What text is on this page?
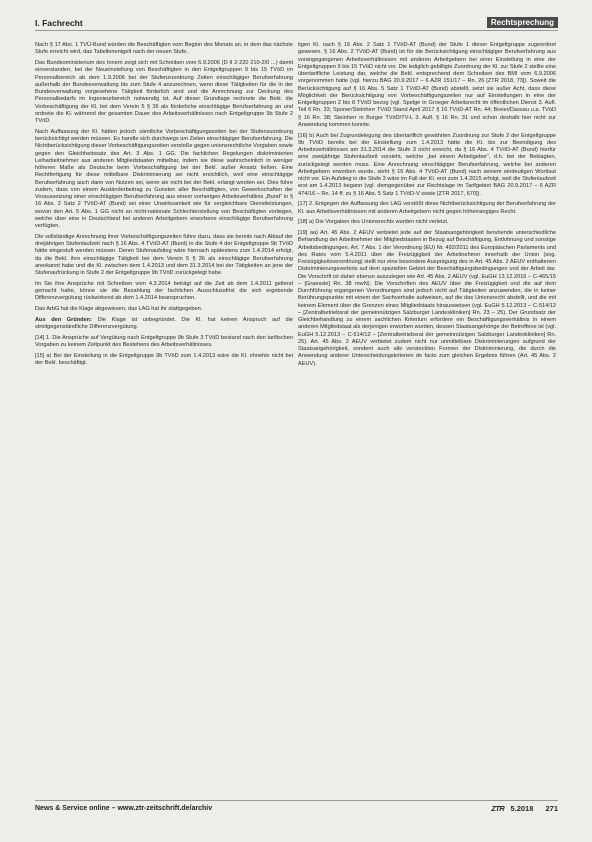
I. Fachrecht	Rechtsprechung

Nach § 17 Abs. 1 TVÜ-Bund würden die Beschäftigten vom Beginn des Monats an, in dem das nächste Stufe erreicht wird, das Tabellenentgelt nach der neuen Stufe.

Das Bundesministerium des Innern zeigt sich mit Schreiben vom 6.9.2006 (D II 2-220 210-2/0 ...) damit einverstanden, bei der Neueinstellung von Beschäftigten in den Entgeltgruppen 9 bis 15 TVöD im Personalbereich ab dem 1.9.2006 bei der Stufenzuordnung Zeiten einschlägiger Berufserfahrung außerhalb der Bundesverwaltung bis zum Stufe 4 anzurechnen, wenn diese Tätigkeiten für die in der Bundesverwaltung vorgesehene Tätigkeit förderlich sind und die Anrechnung zur Deckung des Personalbedarfs im Ingenieurbereich notwendig ist. Auf dieser Grundlage rechnete die Bekl. die Vorbeschäftigung der Kl. bei dem Verein 5 § 36 als förderliche einschlägige Berufserfahrung an und ordnete die Kl. während der gesamten Dauer des Arbeitsverhältnisses nach Entgeltgruppe 9b Stufe 2 TVöD.

Nach Auffassung der Kl. hätten jedoch sämtliche Vorbeschäftigungszeiten bei der Stufenzuordnung berücksichtigt werden müssen. Es handle sich durchwegs um Zeiten einschlägiger Berufserfahrung. Die Nichtberücksichtigung dieser Vorbeschäftigungszeiten verstoße gegen unionsrechtliche Vorgaben sowie gegen den Gleichheitssatz des Art. 3 Abs. 1 GG. Die fachlichen Regelungen diskriminierten Leiharbeitnehmer aus anderen Mitgliedstaaten mittelbar, indem sie diese wahrscheinlich in weniger höheren Maße als Deutsche beim Vorbeschäftigung bei der Bekl. außer Ansatz ließen. Eine Rechtfertigung für diese mittelbare Diskriminierung sei nicht ersichtlich, weil eine einschlägige Berufserfahrung auch dann von Nutzen sei, wenn sie nicht bei der Bekl. erlangt worden sei. Dies führe zudem, dass von einem Ausländerbeitrag zu Gunsten aller Beschäftigten, von Gewerkschaften der Voraussetzung einer einschlägigen Berufserfahrung aus einem vorherigen Arbeitsverhältnis „Bund“ in § 16 Abs. 2 Satz 2 TVöD-AT (Bund) sei einer Unwirksamkeit wie für vergleichbare Dienstleistungen, wovon den Art. 5 Abs. 1 GG nicht an nicht-nationale Schlechterstellung von Beschäftigten vorliegen, welche über eine in Deutschland bei anderen Arbeitgebern erworbene einschlägige Berufserfahrung verfügten.

Die vollständige Anrechnung ihrer Vorbeschäftigungszeiten führe dazu, dass sie bereits nach Ablauf der dreijährigen Stufenlaufzeit nach § 16 Abs. 4 TVöD-AT (Bund) in die Stufe 4 der Entgeltgruppe 9b TVöD hätte eingestuft werden müssen. Deren Stufenaufstieg wäre hiernach spätestens zum 1.4.2014 erfolgt, da die Bekl. ihre einschlägige Tätigkeit bei dem Verein 5 § 36 als einschlägige Berufserfahrung anerkannt habe und die Kl. zwischen dem 1.4.2013 und dem 31.3.2014 bei der Tätigkeiten an jene der Stufenaufrückung in Stufe 2 der Entgeltgruppe 9b TVöD zurückgelegt habe.

Im Sie ihre Ansprüche mit Schreiben vom 4.3.2014 beträgt auf die Zeit ab dem 1.4.2011 geltend gemacht habe, könne sie die Bezahlung der fachlichen Ausschlussfrist die sich ergebende Differenzvergütung rückwirkend ab dem 1.4.2014 beanspruchen.

Das ArbG hat die Klage abgewiesen, das LAG hat ihr stattgegeben.

Aus den Gründen: Die Klage ist unbegründet. Die Kl. hat keinen Anspruch auf die streitgegenständliche Differenzvergütung.

[14] 1. Die Ansprüche auf Vergütung nach Entgeltgruppe 9b Stufe 3 TVöD bestand nach den tarifischen Vorgaben zu keinem Zeitpunkt des Bestehens des Arbeitsverhältnisses.

[15] a) Bei der Einstellung in die Entgeltgruppe 9b TVöD zum 1.4.2013 wäre die Kl. ohnehin nicht bei der Bekl. beschäftigt.

tigen Kl. nach § 16 Abs. 2 Satz 1 TVöD-AT (Bund) der Stufe 1 dieser Entgeltgruppe zugeordnet gewesen. § 16 Abs. 2 TVöD-AT (Bund) ist für die Berücksichtigung einschlägiger Berufserfahrung aus vorangegangenen Arbeitsverhältnissen mit anderen Arbeitgebern bei einer Einstellung in eine der Entgeltgruppen 9 bis 15 TVöD nicht vor. Die lediglich gebilligte Zuordnung der Kl. zur Stufe 2 stellte eine übertarifliche Leistung dar, welche die Bekl. entsprechend dem Schreiben des BMI vom 6.9.2006 vorgenommen hatte (vgl. hierzu BAG 20.9.2017 – 6 AZR 151/17 – Rn. 26 [ZTR 2018, 73]). Soweit die Berücksichtigung auf § 16 Abs. 5 Satz 1 TVöD-AT (Bund) abstellt, setzt sie außer Acht, dass diese Möglichkeit der Berücksichtigung von Vorbeschäftigungszeiten nur auf Einstellungen in eine der Entgeltgruppen 2 bis 8 TVöD bezog (vgl. Spelge in Groeger Arbeitsrecht im öffentlichen Dienst 3. Aufl. Teil 6 Rn. 33; Sponer/Steinherr TVöD Stand April 2017 § 16 TVöD-AT Rn. 44; Breier/Dassau u.a. TVöD § 16 Rn. 38; Steinherr in Burger TVöD/TV-L 3. Aufl. § 16 Rn. 31 und schon deshalb hier nicht zur Anwendung kommen konnte.

[16] b) Auch bei Zugrundelegung des übertariflich gewährten Zuordnung zur Stufe 2 der Entgeltgruppe 9b TVöD bereits bei der Einstellung zum 1.4.2013 hätte die Kl. bis zur Beendigung des Arbeitsverhältnisses am 31.3.2014 die Stufe 3 nicht erreicht, da § 16 Abs. 4 TVöD-AT (Bund) hierfür eine zweijährige Stufenlaufzeit vorsieht, welche „bei einem Arbeitgeber“, d.h. bei der Beklagten, zurückgelegt werden muss. Eine Anrechnung einschlägiger Berufserfahrung, welche bei anderen Arbeitgebern erworben wurde, sieht § 16 Abs. 4 TVöD-AT (Bund) nach seinem eindeutigen Wortlaut nicht vor. Ein Aufstieg in die Stufe 3 wäre im Fall der Kl. erst zum 1.4.2015 erfolgt, weil die Stufenlaufzeit erst am 1.4.2013 begann (vgl. demgegenüber zur Rechtslage im Tarifgebiet BAG 20.9.2017 – 6 AZR 474/16 – Rn. 14 ff. zu § 16 Abs. 5 Satz 1 TVöD-V sowie [ZTR 2017, 670]).

[17] 2. Entgegen der Auffassung des LAG verstößt diese Nichtberücksichtigung der Berufserfahrung der Kl. aus Arbeitsverhältnissen mit anderen Arbeitgebern nicht gegen höherrangiges Recht.

[18] a) Die Vorgaben des Unionsrechts wurden nicht verletzt.

[19] aa) Art. 45 Abs. 2 AEUV verbietet jede auf der Staatsangehörigkeit beruhende unterschiedliche Behandlung der Arbeitnehmer der Mitgliedstaaten in Bezug auf Beschäftigung, Entlohnung und sonstige Arbeitsbedingungen. Art. 7 Abs. 1 der Verordnung (EU) Nr. 492/2011 des Europäischen Parlaments und des Rates vom 5.4.2011 über die Freizügigkeit der Arbeitnehmer innerhalb der Union (sog. Freizügigkeitsverordnung) stellt nur eine besondere Ausprägung des in Art. 45 Abs. 2 AEUV enthaltenen Diskriminierungsverbots auf dem speziellen Gebiet der Beschäftigungsbedingungen und der Arbeit dar. Die Vorschrift ist daher ebenso auszulegen wie Art. 45 Abs. 2 AEUV (vgl. EuGH 13.12.2016 – C-465/15 – [Graessle] Rn. 38 mwN). Die Vorschriften des AEUV über die Freizügigkeit und die auf dem Durchführung ergangenen Verordnungen sind jedoch nicht auf Tätigkeiten anzuwenden, die in keiner Berührungspunkte mit einem der Sachverhalte aufweisen, auf die das Unionsrecht abstellt, und die mit keinem Element über die Grenzen eines Mitgliedstaats hinausweisen (vgl. EuGH 5.12.2013 – C-514/12 – [Zentralbetriebsrat der gemeinnützigen Salzburger Landeskliniken] Rn. 23 – 25). Der Grundsatz der Gleichbehandlung zu einem sachlichen Kriterium erfordere ein Beschäftigungsverhältnis in einem anderen Mitgliedstaat als derjenigen erworben wurden, dessen Staatsangehörige der Betroffene ist (vgl. EuGH 5.12.2013 – C-514/12 – [Zentralbetriebsrat der gemeinnützigen Salzburger Landeskliniken] Rn. 25). Art. 45 Abs. 2 AEUV verbietet zudem nicht nur unmittelbare Diskriminierungen aufgrund der Staatsangehörigkeit, sondern auch alle versteckten Formen der Diskriminierung, die durch die Anwendung anderer Unterscheidungskriterien de facto zum gleichen Ergebnis führen (Art. 45 Abs. 2 AEUV).

News & Service online – www.ztr-zeitschrift.de/archiv	ZTR 5.2018 271
